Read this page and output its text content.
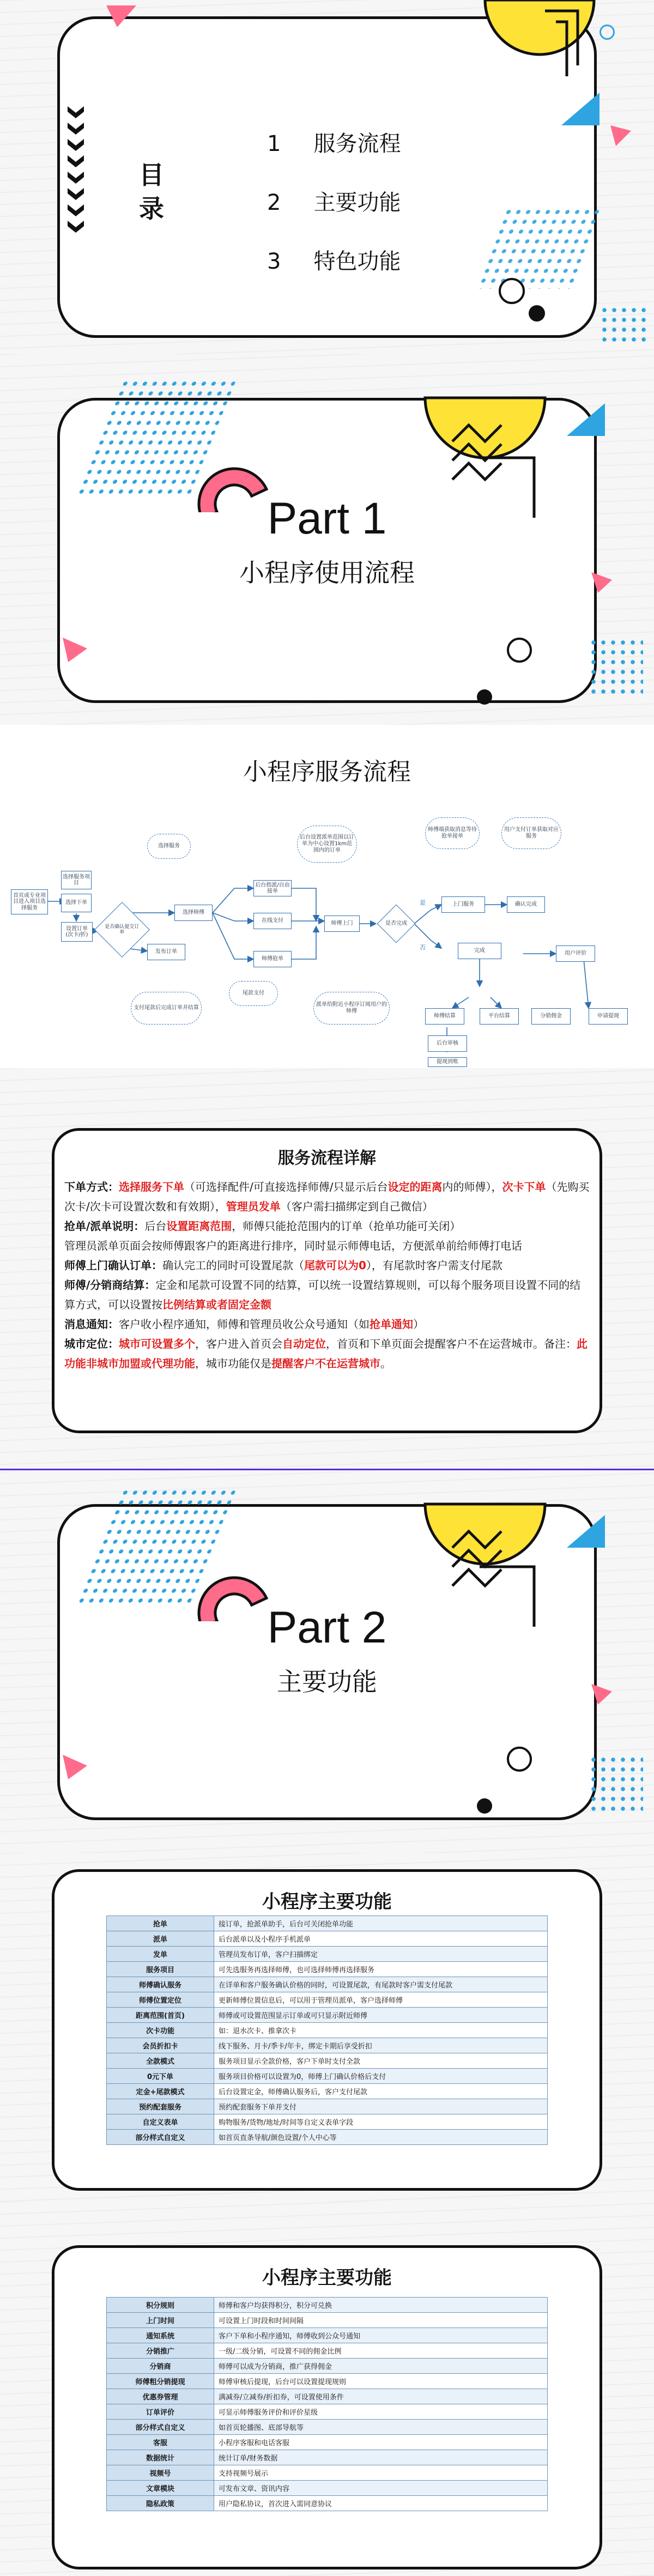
目
录
1 服务流程
2 主要功能
3 特色功能
Part 1
小程序使用流程
小程序服务流程
首页或专业项目进入项目选择服务
选择服务项目
选择下单
设置订单(次卡/折)
是否确认提交订单
选择师傅
发布订单
后台指派/自由接单
在线支付
师傅抢单
师傅上门	是否完成
上门服务	确认完成
完成
师傅结算	平台结算
用户评价
分销佣金	申请提现
后台审核
提现到账
是
否
选择服务
后台设置派单范围以订单为中心设置1km范围内的订单
师傅端获取消息等待抢单接单
用户支付订单获取对应服务
派单给附近小程序订阅用户的师傅
支付尾款后完成订单并结算
尾款支付
服务流程详解
下单方式：选择服务下单（可选择配件/可直接选择师傅/只显示后台设定的距离内的师傅），次卡下单（先购买次卡/次卡可设置次数和有效期），管理员发单（客户需扫描绑定到自己微信）
抢单/派单说明：后台设置距离范围，师傅只能抢范围内的订单（抢单功能可关闭）
管理员派单页面会按师傅跟客户的距离进行排序，同时显示师傅电话，方便派单前给师傅打电话
师傅上门确认订单：确认完工的同时可设置尾款（尾款可以为0），有尾款时客户需支付尾款
师傅/分销商结算：定金和尾款可设置不同的结算，可以统一设置结算规则，可以每个服务项目设置不同的结算方式，可以设置按比例结算或者固定金额
消息通知：客户收小程序通知，师傅和管理员收公众号通知（如抢单通知）
城市定位：城市可设置多个，客户进入首页会自动定位，首页和下单页面会提醒客户不在运营城市。备注：此功能非城市加盟或代理功能，城市功能仅是提醒客户不在运营城市。
Part 2
主要功能
小程序主要功能
抢单	接订单，抢派单助手，后台可关闭抢单功能
派单	后台派单以及小程序手机派单
发单	管理员发布订单，客户扫描绑定
服务项目	可先选服务再选择师傅，也可选择师傅再选择服务
师傅确认服务	在详单和客户服务确认价格的同时，可设置尾款，有尾款时客户需支付尾款
师傅位置定位	更新师傅位置信息后，可以用于管理员派单，客户选择师傅
距离范围(首页)	师傅或可设置范围显示订单或可只显示附近师傅
次卡功能	如：退水次卡、推拿次卡
会员折扣卡	线下服务、月卡/季卡/年卡，绑定卡期后享受折扣
全款模式	服务项目显示全款价格，客户下单时支付全款
0元下单	服务项目价格可以设置为0，师傅上门确认价格后支付
定金+尾款模式	后台设置定金，师傅确认服务后，客户支付尾款
预约配套服务	预约配套服务下单并支付
自定义表单	购物服务/货物/地址/时间等自定义表单字段
部分样式自定义	如首页直条导航/颜色设置/个人中心等
小程序主要功能
积分规则	师傅和客户均获得积分，积分可兑换
上门时间	可设置上门时段和时间间隔
通知系统	客户下单和小程序通知，师傅收到公众号通知
分销推广	一级/二级分销，可设置不同的佣金比例
分销商	师傅可以成为分销商，推广获得佣金
师傅粗分销提现	师傅审核后提现，后台可以设置提现规则
优惠券管理	满减券/立减券/折扣券，可设置使用条件
订单评价	可显示师傅服务评价和评价星级
部分样式自定义	如首页轮播图、底部导航等
客服	小程序客服和电话客服
数据统计	统计订单/财务数据
视频号	支持视频号展示
文章模块	可发布文章、资讯内容
隐私政策	用户隐私协议，首次进入需同意协议
